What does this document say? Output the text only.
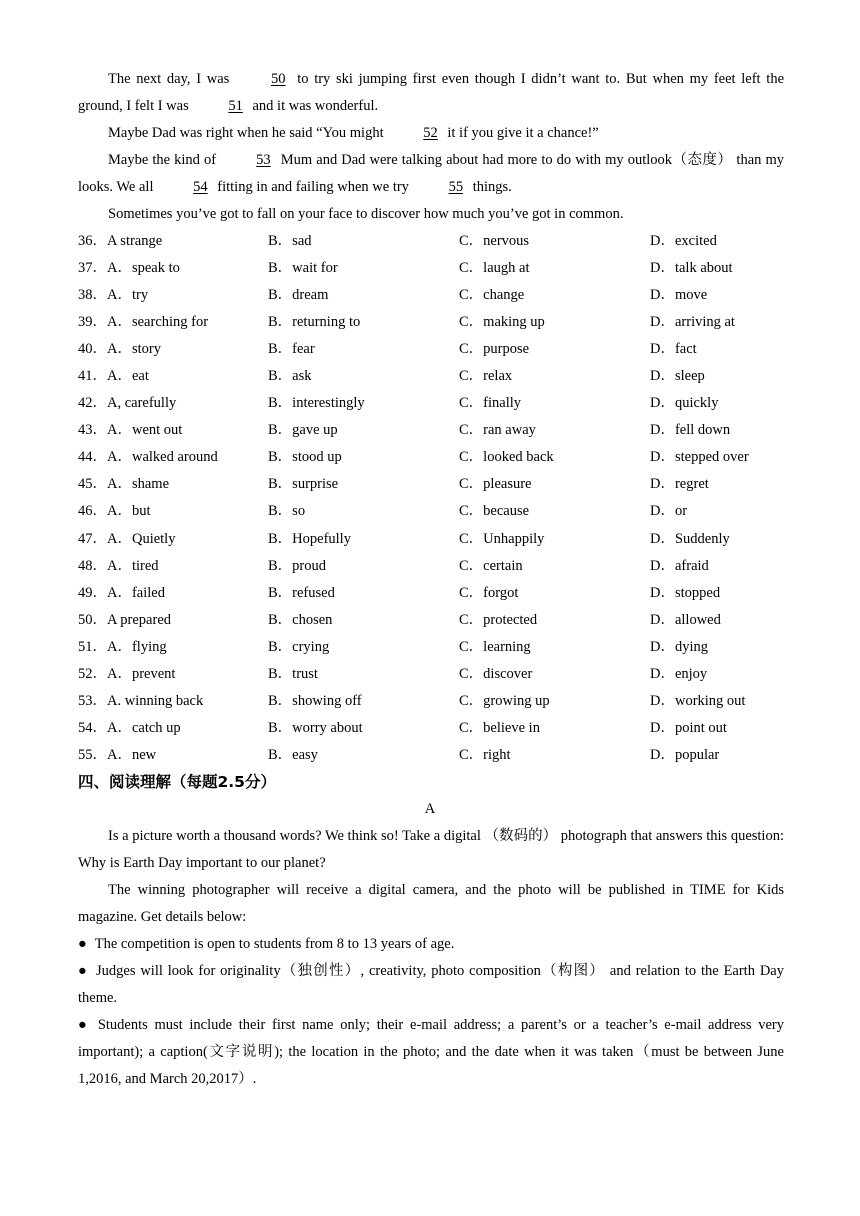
The next day, I was 50 to try ski jumping first even though I didn’t want to. But when my feet left the ground, I felt I was 51 and it was wonderful.
Maybe Dad was right when he said “You might 52 it if you give it a chance!”
Maybe the kind of 53 Mum and Dad were talking about had more to do with my outlook（态度） than my looks. We all 54 fitting in and failing when we try 55 things.
Sometimes you’ve got to fall on your face to discover how much you’ve got in common.
36．A strange	B．sad	C．nervous	D．excited
37．A．speak to	B．wait for	C．laugh at	D．talk about
38．A．try	B．dream	C．change	D．move
39．A．searching for	B．returning to	C．making up	D．arriving at
40．A．story	B．fear	C．purpose	D．fact
41．A．eat	B．ask	C．relax	D．sleep
42．A, carefully	B．interestingly	C．finally	D．quickly
43．A．went out	B．gave up	C．ran away	D．fell down
44．A．walked around	B．stood up	C．looked back	D．stepped over
45．A．shame	B．surprise	C．pleasure	D．regret
46．A．but	B．so	C．because	D．or
47．A．Quietly	B．Hopefully	C．Unhappily	D．Suddenly
48．A．tired	B．proud	C．certain	D．afraid
49．A．failed	B．refused	C．forgot	D．stopped
50．A prepared	B．chosen	C．protected	D．allowed
51．A．flying	B．crying	C．learning	D．dying
52．A．prevent	B．trust	C．discover	D．enjoy
53．A. winning back	B．showing off	C．growing up	D．working out
54．A．catch up	B．worry about	C．believe in	D．point out
55．A．new	B．easy	C．right	D．popular
四、阅读理解（每题2.5分）
A
Is a picture worth a thousand words? We think so! Take a digital （数码的） photograph that answers this question: Why is Earth Day important to our planet?
The winning photographer will receive a digital camera, and the photo will be published in TIME for Kids magazine. Get details below:
● The competition is open to students from 8 to 13 years of age.
● Judges will look for originality（独创性）, creativity, photo composition（构图） and relation to the Earth Day theme.
● Students must include their first name only; their e-mail address; a parent’s or a teacher’s e-mail address very important); a caption(文字说明); the location in the photo; and the date when it was taken（must be between June 1,2016, and March 20,2017）.
